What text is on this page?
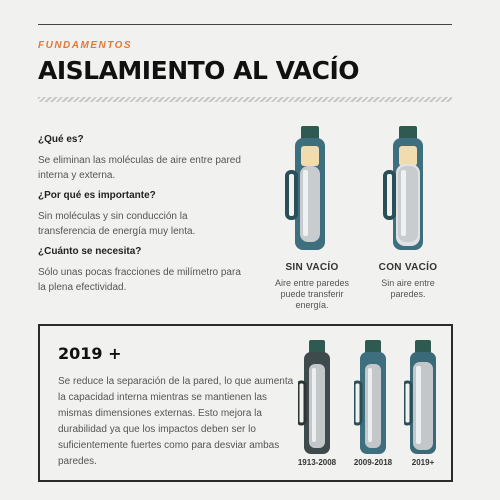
FUNDAMENTOS
AISLAMIENTO AL VACÍO
¿Qué es?
Se eliminan las moléculas de aire entre pared interna y externa.
¿Por qué es importante?
Sin moléculas y sin conducción la transferencia de energía muy lenta.
¿Cuánto se necesita?
Sólo unas pocas fracciones de milímetro para la plena efectividad.
SIN VACÍO
Aire entre paredes puede transferir energía.
CON VACÍO
Sin aire entre paredes.
2019 +
Se reduce la separación de la pared, lo que aumenta la capacidad interna mientras se mantienen las mismas dimensiones externas. Esto mejora la durabilidad ya que los impactos deben ser lo suficientemente fuertes como para desviar ambas paredes.	1913-2008	2009-2018	2019+
